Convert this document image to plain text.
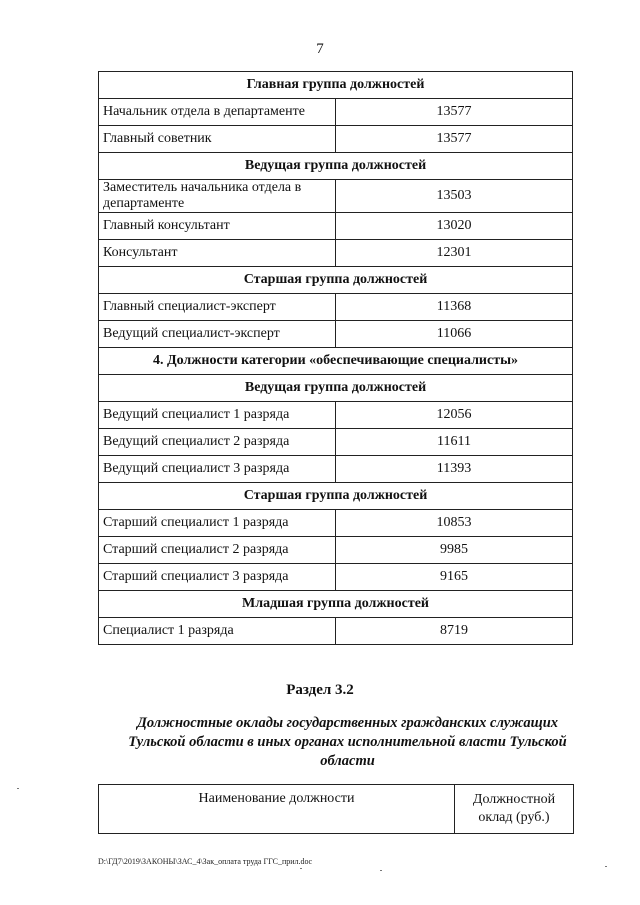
7
Главная группа должностей	
Начальник отдела в департаменте	13577
Главный советник	13577
Ведущая группа должностей	
Заместитель начальника отдела в департаменте	13503
Главный консультант	13020
Консультант	12301
Старшая группа должностей	
Главный специалист-эксперт	11368
Ведущий специалист-эксперт	11066
4. Должности категории «обеспечивающие специалисты»	
Ведущая группа должностей	
Ведущий специалист 1 разряда	12056
Ведущий специалист 2 разряда	11611
Ведущий специалист 3 разряда	11393
Старшая группа должностей	
Старший специалист 1 разряда	10853
Старший специалист 2 разряда	9985
Старший специалист 3 разряда	9165
Младшая группа должностей	
Специалист 1 разряда	8719
Раздел 3.2
Должностные оклады государственных гражданских служащих Тульской области в иных органах исполнительной власти Тульской области
Наименование должности	Должностной
оклад (руб.)
D:\ГД7\2019\ЗАКОНЫ\ЗАС_4\Зак_оплата труда ГГС_прил.doc
